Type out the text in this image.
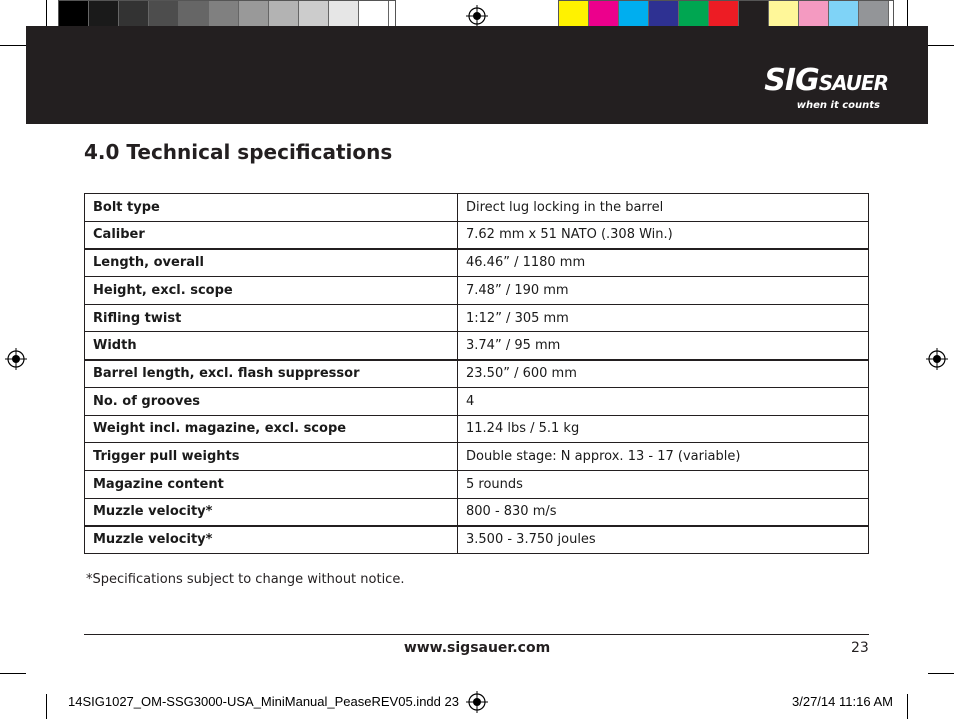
SIGSAUER
when it counts
4.0 Technical specifications
Bolt type	Direct lug locking in the barrel
Caliber	7.62 mm x 51 NATO (.308 Win.)
Length, overall	46.46” / 1180 mm
Height, excl. scope	7.48” / 190 mm
Rifling twist	1:12” / 305 mm
Width	3.74” / 95 mm
Barrel length, excl. flash suppressor	23.50” / 600 mm
No. of grooves	4
Weight incl. magazine, excl. scope	11.24 lbs / 5.1 kg
Trigger pull weights	Double stage: N approx. 13 - 17 (variable)
Magazine content	5 rounds
Muzzle velocity*	800 - 830 m/s
Muzzle velocity*	3.500 - 3.750 joules
*Specifications subject to change without notice.
www.sigsauer.com	23
14SIG1027_OM-SSG3000-USA_MiniManual_PeaseREV05.indd 23	3/27/14 11:16 AM
